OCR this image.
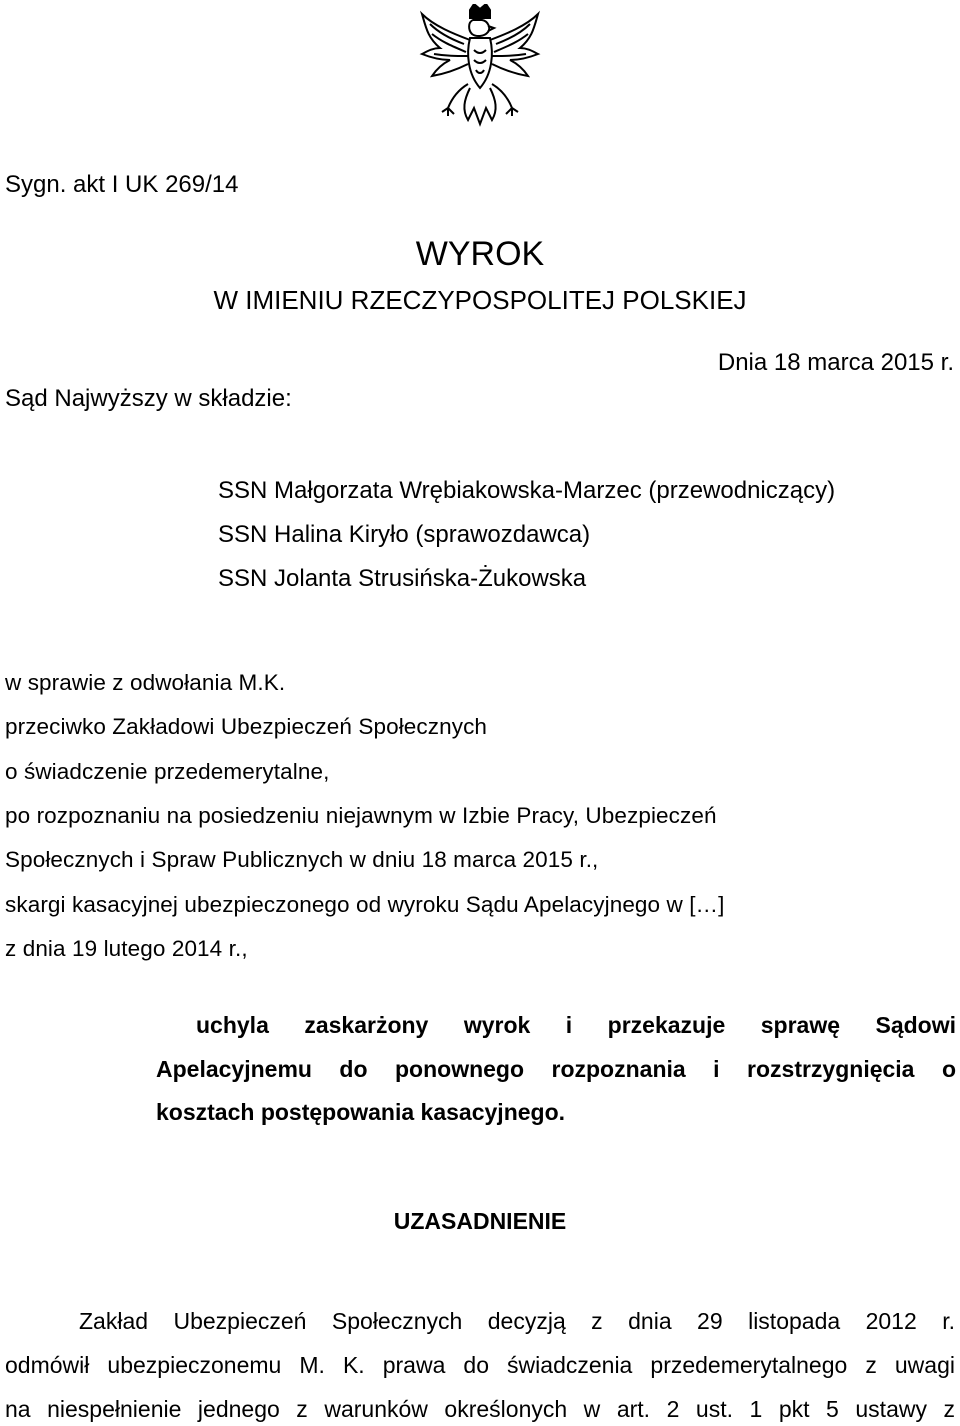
Sygn. akt I UK 269/14
WYROK
W IMIENIU RZECZYPOSPOLITEJ POLSKIEJ
Dnia 18 marca 2015 r.
Sąd Najwyższy w składzie:
SSN Małgorzata Wrębiakowska-Marzec (przewodniczący)
SSN Halina Kiryło (sprawozdawca)
SSN Jolanta Strusińska-Żukowska
w sprawie z odwołania M.K.
przeciwko Zakładowi Ubezpieczeń Społecznych
o świadczenie przedemerytalne,
po rozpoznaniu na posiedzeniu niejawnym w Izbie Pracy, Ubezpieczeń
Społecznych i Spraw Publicznych w dniu 18 marca 2015 r.,
skargi kasacyjnej ubezpieczonego od wyroku Sądu Apelacyjnego w […]
z dnia 19 lutego 2014 r.,
uchyla zaskarżony wyrok i przekazuje sprawę Sądowi
Apelacyjnemu do ponownego rozpoznania i rozstrzygnięcia o
kosztach postępowania kasacyjnego.
UZASADNIENIE
Zakład Ubezpieczeń Społecznych decyzją z dnia 29 listopada 2012 r.
odmówił ubezpieczonemu M. K. prawa do świadczenia przedemerytalnego z uwagi
na niespełnienie jednego z warunków określonych w art. 2 ust. 1 pkt 5 ustawy z
